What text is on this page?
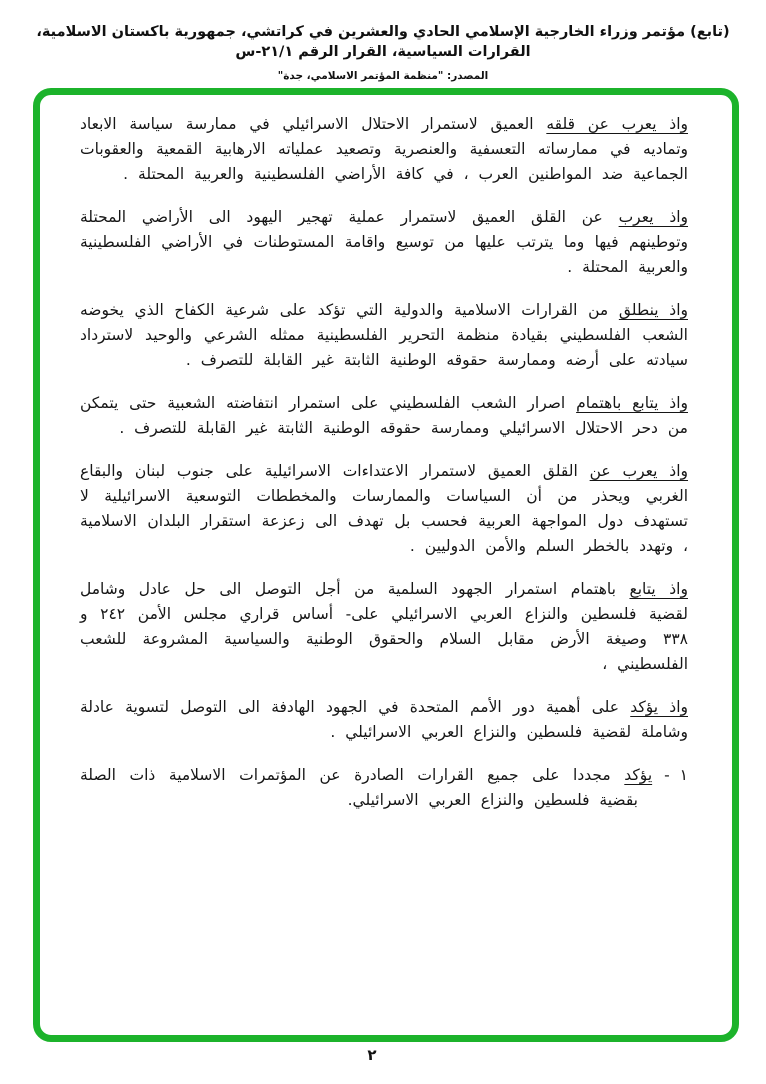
(تابع) مؤتمر وزراء الخارجية الإسلامي الحادي والعشرين في كراتشي، جمهورية باكستان الاسلامية، القرارات السياسية، القرار الرقم ٢١/١-س
المصدر: "منظمة المؤتمر الاسلامي، جدة"

واذ يعرب عن قلقه العميق لاستمرار الاحتلال الاسرائيلي في ممارسة سياسة الابعاد وتماديه في ممارساته التعسفية والعنصرية وتصعيد عملياته الارهابية القمعية والعقوبات الجماعية ضد المواطنين العرب ، في كافة الأراضي الفلسطينية والعربية المحتلة .

واذ يعرب عن القلق العميق لاستمرار عملية تهجير اليهود الى الأراضي المحتلة وتوطينهم فيها وما يترتب عليها من توسيع واقامة المستوطنات في الأراضي الفلسطينية والعربية المحتلة .

واذ ينطلق من القرارات الاسلامية والدولية التي تؤكد على شرعية الكفاح الذي يخوضه الشعب الفلسطيني بقيادة منظمة التحرير الفلسطينية ممثله الشرعي والوحيد لاسترداد سيادته على أرضه وممارسة حقوقه الوطنية الثابتة غير القابلة للتصرف .

واذ يتابع باهتمام اصرار الشعب الفلسطيني على استمرار انتفاضته الشعبية حتى يتمكن من دحر الاحتلال الاسرائيلي وممارسة حقوقه الوطنية الثابتة غير القابلة للتصرف .

واذ يعرب عن القلق العميق لاستمرار الاعتداءات الاسرائيلية على جنوب لبنان والبقاع الغربي ويحذر من أن السياسات والممارسات والمخططات التوسعية الاسرائيلية لا تستهدف دول المواجهة العربية فحسب بل تهدف الى زعزعة استقرار البلدان الاسلامية ، وتهدد بالخطر السلم والأمن الدوليين .

واذ يتابع باهتمام استمرار الجهود السلمية من أجل التوصل الى حل عادل وشامل لقضية فلسطين والنزاع العربي الاسرائيلي على- أساس قراري مجلس الأمن ٢٤٢ و ٣٣٨ وصيغة الأرض مقابل السلام والحقوق الوطنية والسياسية المشروعة للشعب الفلسطيني ،

واذ يؤكد على أهمية دور الأمم المتحدة في الجهود الهادفة الى التوصل لتسوية عادلة وشاملة لقضية فلسطين والنزاع العربي الاسرائيلي .

١ -يؤكد مجددا على جميع القرارات الصادرة عن المؤتمرات الاسلامية ذات الصلة بقضية فلسطين والنزاع العربي الاسرائيلي.

٢
